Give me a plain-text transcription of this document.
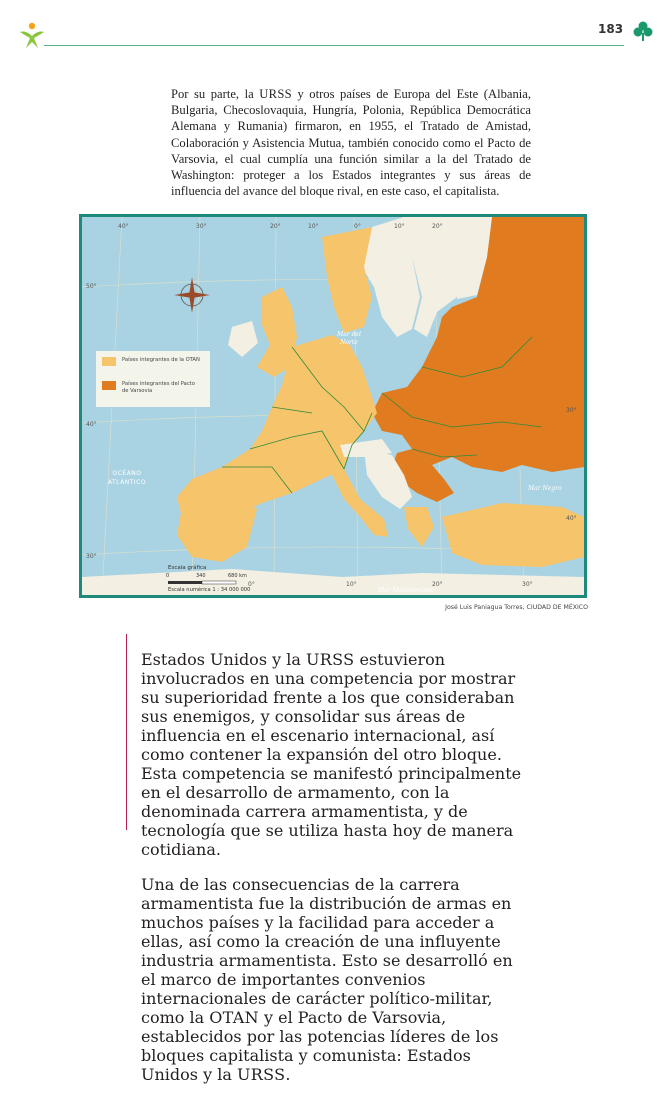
183
Por su parte, la URSS y otros países de Europa del Este (Albania, Bulgaria, Checoslovaquia, Hungría, Polonia, República Democrática Alemana y Rumania) firmaron, en 1955, el Tratado de Amistad, Colaboración y Asistencia Mutua, también conocido como el Pacto de Varsovia, el cual cumplía una función similar a la del Tratado de Washington: proteger a los Estados integrantes y sus áreas de influencia del avance del bloque rival, en este caso, el capitalista.
50°
40°
30°
40°	30°	20°	10°	0°	10°	20°
0°	10°	20°	30°
40°
30°
Países integrantes de la OTAN
Países integrantes del Pacto de Varsovia
Mar del Norte
OCÉANO ATLÁNTICO
Mar Negro
Mar Mediterráneo
Escala gráfica
0	340	680 km
Escala numérica 1 : 34 000 000
José Luis Paniagua Torres, CIUDAD DE MÉXICO

Estados Unidos y la URSS estuvieron involucrados en una competencia por mostrar su superioridad frente a los que consideraban sus enemigos, y consolidar sus áreas de influencia en el escenario internacional, así como contener la expansión del otro bloque. Esta competencia se manifestó principalmente en el desarrollo de armamento, con la denominada carrera armamentista, y de tecnología que se utiliza hasta hoy de manera cotidiana.

Una de las consecuencias de la carrera armamentista fue la distribución de armas en muchos países y la facilidad para acceder a ellas, así como la creación de una influyente industria armamentista. Esto se desarrolló en el marco de importantes convenios internacionales de carácter político-militar, como la OTAN y el Pacto de Varsovia, establecidos por las potencias líderes de los bloques capitalista y comunista: Estados Unidos y la URSS.
